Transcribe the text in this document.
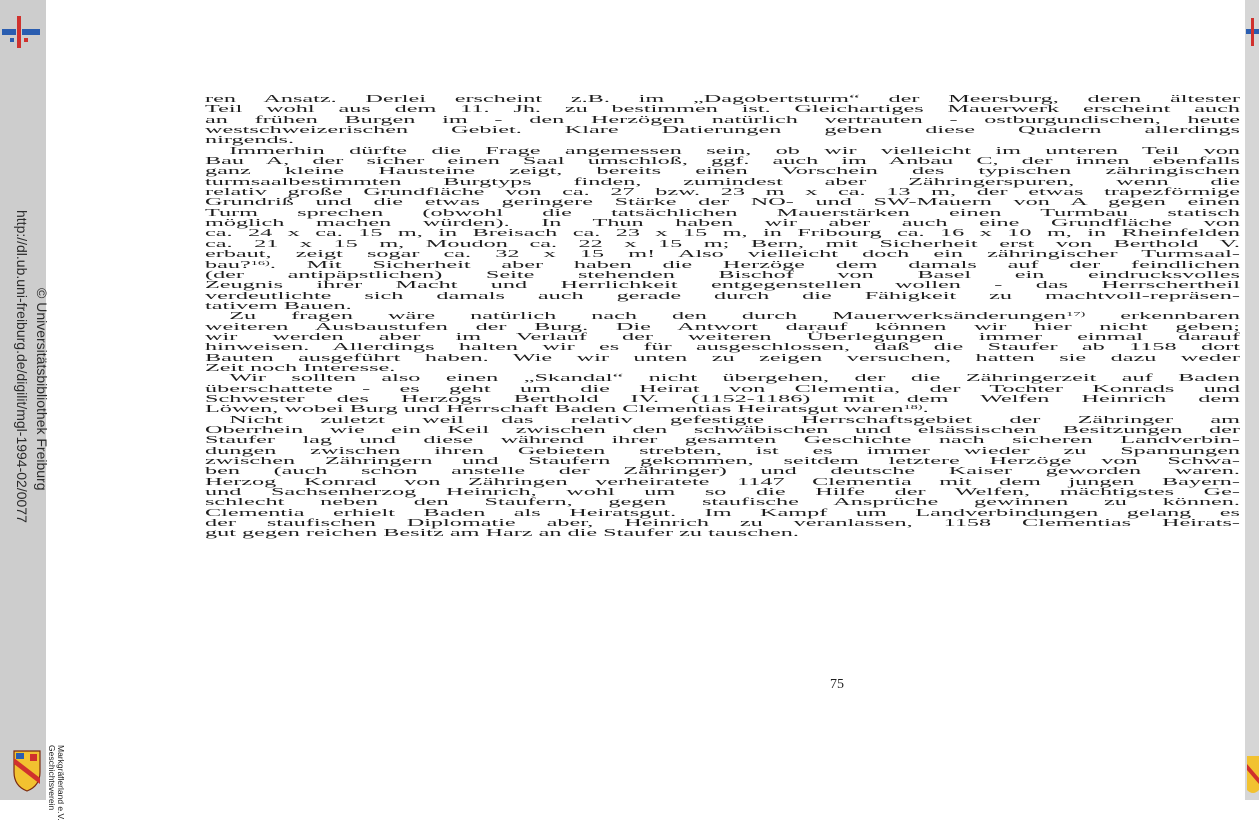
http://dl.ub.uni-freiburg.de/digilit/mgl-1994-02/0077 © Universitätsbibliothek Freiburg
Geschichtsverein Markgräflerland e.V.
ren Ansatz. Derlei erscheint z.B. im „Dagobertsturm“ der Meersburg, deren ältester
Teil wohl aus dem 11. Jh. zu bestimmen ist. Gleichartiges Mauerwerk erscheint auch
an frühen Burgen im - den Herzögen natürlich vertrauten - ostburgundischen, heute
westschweizerischen Gebiet. Klare Datierungen geben diese Quadern allerdings
nirgends.
Immerhin dürfte die Frage angemessen sein, ob wir vielleicht im unteren Teil von
Bau A, der sicher einen Saal umschloß, ggf. auch im Anbau C, der innen ebenfalls
ganz kleine Hausteine zeigt, bereits einen Vorschein des typischen zähringischen
turmsaalbestimmten Burgtyps finden, zumindest aber Zähringerspuren, wenn die
relativ große Grundfläche von ca. 27 bzw. 23 m x ca. 13 m, der etwas trapezförmige
Grundriß und die etwas geringere Stärke der NO- und SW-Mauern von A gegen einen
Turm sprechen (obwohl die tatsächlichen Mauerstärken einen Turmbau statisch
möglich machen würden). In Thun haben wir aber auch eine Grundfläche von
ca. 24 x ca. 15 m, in Breisach ca. 23 x 15 m, in Fribourg ca. 16 x 10 m, in Rheinfelden
ca. 21 x 15 m, Moudon ca. 22 x 15 m; Bern, mit Sicherheit erst von Berthold V.
erbaut, zeigt sogar ca. 32 x 15 m! Also vielleicht doch ein zähringischer Turmsaal-
bau?$^{16)}$. Mit Sicherheit aber haben die Herzöge dem damals auf der feindlichen
(der antipäpstlichen) Seite stehenden Bischof von Basel ein eindrucksvolles
Zeugnis ihrer Macht und Herrlichkeit entgegenstellen wollen - das Herrschertheil
verdeutlichte sich damals auch gerade durch die Fähigkeit zu machtvoll-repräsen-
tativem Bauen.
Zu fragen wäre natürlich nach den durch Mauerwerksänderungen$^{17)}$ erkennbaren
weiteren Ausbaustufen der Burg. Die Antwort darauf können wir hier nicht geben;
wir werden aber im Verlauf der weiteren Überlegungen immer einmal darauf
hinweisen. Allerdings halten wir es für ausgeschlossen, daß die Staufer ab 1158 dort
Bauten ausgeführt haben. Wie wir unten zu zeigen versuchen, hatten sie dazu weder
Zeit noch Interesse.
Wir sollten also einen „Skandal“ nicht übergehen, der die Zähringerzeit auf Baden
überschattete - es geht um die Heirat von Clementia, der Tochter Konrads und
Schwester des Herzogs Berthold IV. (1152-1186) mit dem Welfen Heinrich dem
Löwen, wobei Burg und Herrschaft Baden Clementias Heiratsgut waren$^{18)}$.
Nicht zuletzt weil das relativ gefestigte Herrschaftsgebiet der Zähringer am
Oberrhein wie ein Keil zwischen den schwäbischen und elsässischen Besitzungen der
Staufer lag und diese während ihrer gesamten Geschichte nach sicheren Landverbin-
dungen zwischen ihren Gebieten strebten, ist es immer wieder zu Spannungen
zwischen Zähringern und Staufern gekommen, seitdem letztere Herzöge von Schwa-
ben (auch schon anstelle der Zähringer) und deutsche Kaiser geworden waren.
Herzog Konrad von Zähringen verheiratete 1147 Clementia mit dem jungen Bayern-
und Sachsenherzog Heinrich, wohl um so die Hilfe der Welfen, mächtigstes Ge-
schlecht neben den Staufern, gegen staufische Ansprüche gewinnen zu können.
Clementia erhielt Baden als Heiratsgut. Im Kampf um Landverbindungen gelang es
der staufischen Diplomatie aber, Heinrich zu veranlassen, 1158 Clementias Heirats-
gut gegen reichen Besitz am Harz an die Staufer zu tauschen.
75
